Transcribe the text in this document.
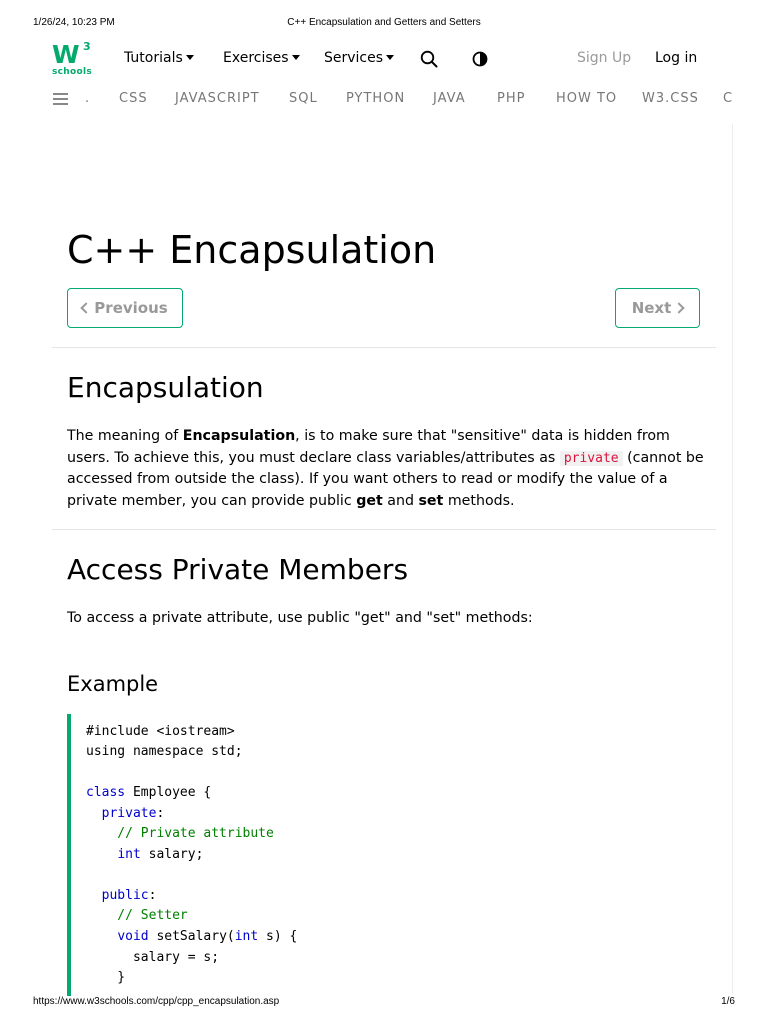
1/26/24, 10:23 PM	C++ Encapsulation and Getters and Setters
W 3
schools
Tutorials	Exercises	Services	Sign Up Log in
. CSS JAVASCRIPT SQL PYTHON JAVA PHP HOW TO W3.CSS C
C++ Encapsulation
Previous	Next
Encapsulation

The meaning of Encapsulation, is to make sure that "sensitive" data is hidden from users. To achieve this, you must declare class variables/attributes as private (cannot be accessed from outside the class). If you want others to read or modify the value of a private member, you can provide public get and set methods.

Access Private Members

To access a private attribute, use public "get" and "set" methods:

Example
#include <iostream>
using namespace std;
class Employee {
private:
// Private attribute
int salary;
public:
// Setter
void setSalary(int s) {
salary = s;
}
https://www.w3schools.com/cpp/cpp_encapsulation.asp	1/6
